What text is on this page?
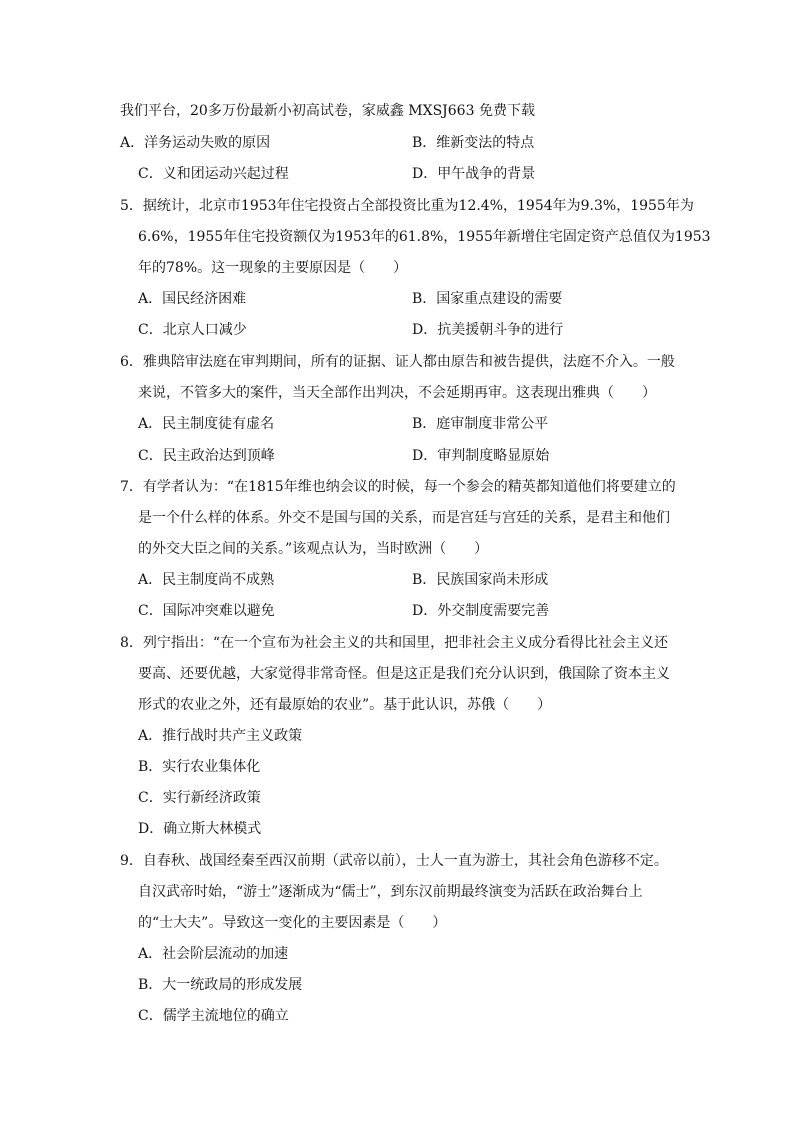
我们平台，20多万份最新小初高试卷，家威鑫 MXSJ663 免费下载
A．洋务运动失败的原因	B．维新变法的特点
C．义和团运动兴起过程	D．甲午战争的背景
5．据统计，北京市1953年住宅投资占全部投资比重为12.4%，1954年为9.3%，1955年为
6.6%，1955年住宅投资额仅为1953年的61.8%，1955年新增住宅固定资产总值仅为1953
年的78%。这一现象的主要原因是（　　）
A．国民经济困难	B．国家重点建设的需要
C．北京人口减少	D．抗美援朝斗争的进行
6．雅典陪审法庭在审判期间，所有的证据、证人都由原告和被告提供，法庭不介入。一般
来说，不管多大的案件，当天全部作出判决，不会延期再审。这表现出雅典（　　）
A．民主制度徒有虚名	B．庭审制度非常公平
C．民主政治达到顶峰	D．审判制度略显原始
7．有学者认为：“在1815年维也纳会议的时候，每一个参会的精英都知道他们将要建立的
是一个什么样的体系。外交不是国与国的关系，而是宫廷与宫廷的关系，是君主和他们
的外交大臣之间的关系。”该观点认为，当时欧洲（　　）
A．民主制度尚不成熟	B．民族国家尚未形成
C．国际冲突难以避免	D．外交制度需要完善
8．列宁指出：“在一个宣布为社会主义的共和国里，把非社会主义成分看得比社会主义还
要高、还要优越，大家觉得非常奇怪。但是这正是我们充分认识到，俄国除了资本主义
形式的农业之外，还有最原始的农业”。基于此认识，苏俄（　　）
A．推行战时共产主义政策
B．实行农业集体化
C．实行新经济政策
D．确立斯大林模式
9．自春秋、战国经秦至西汉前期（武帝以前），士人一直为游士，其社会角色游移不定。
自汉武帝时始，“游士”逐渐成为“儒士”，到东汉前期最终演变为活跃在政治舞台上
的“士大夫”。导致这一变化的主要因素是（　　）
A．社会阶层流动的加速
B．大一统政局的形成发展
C．儒学主流地位的确立
